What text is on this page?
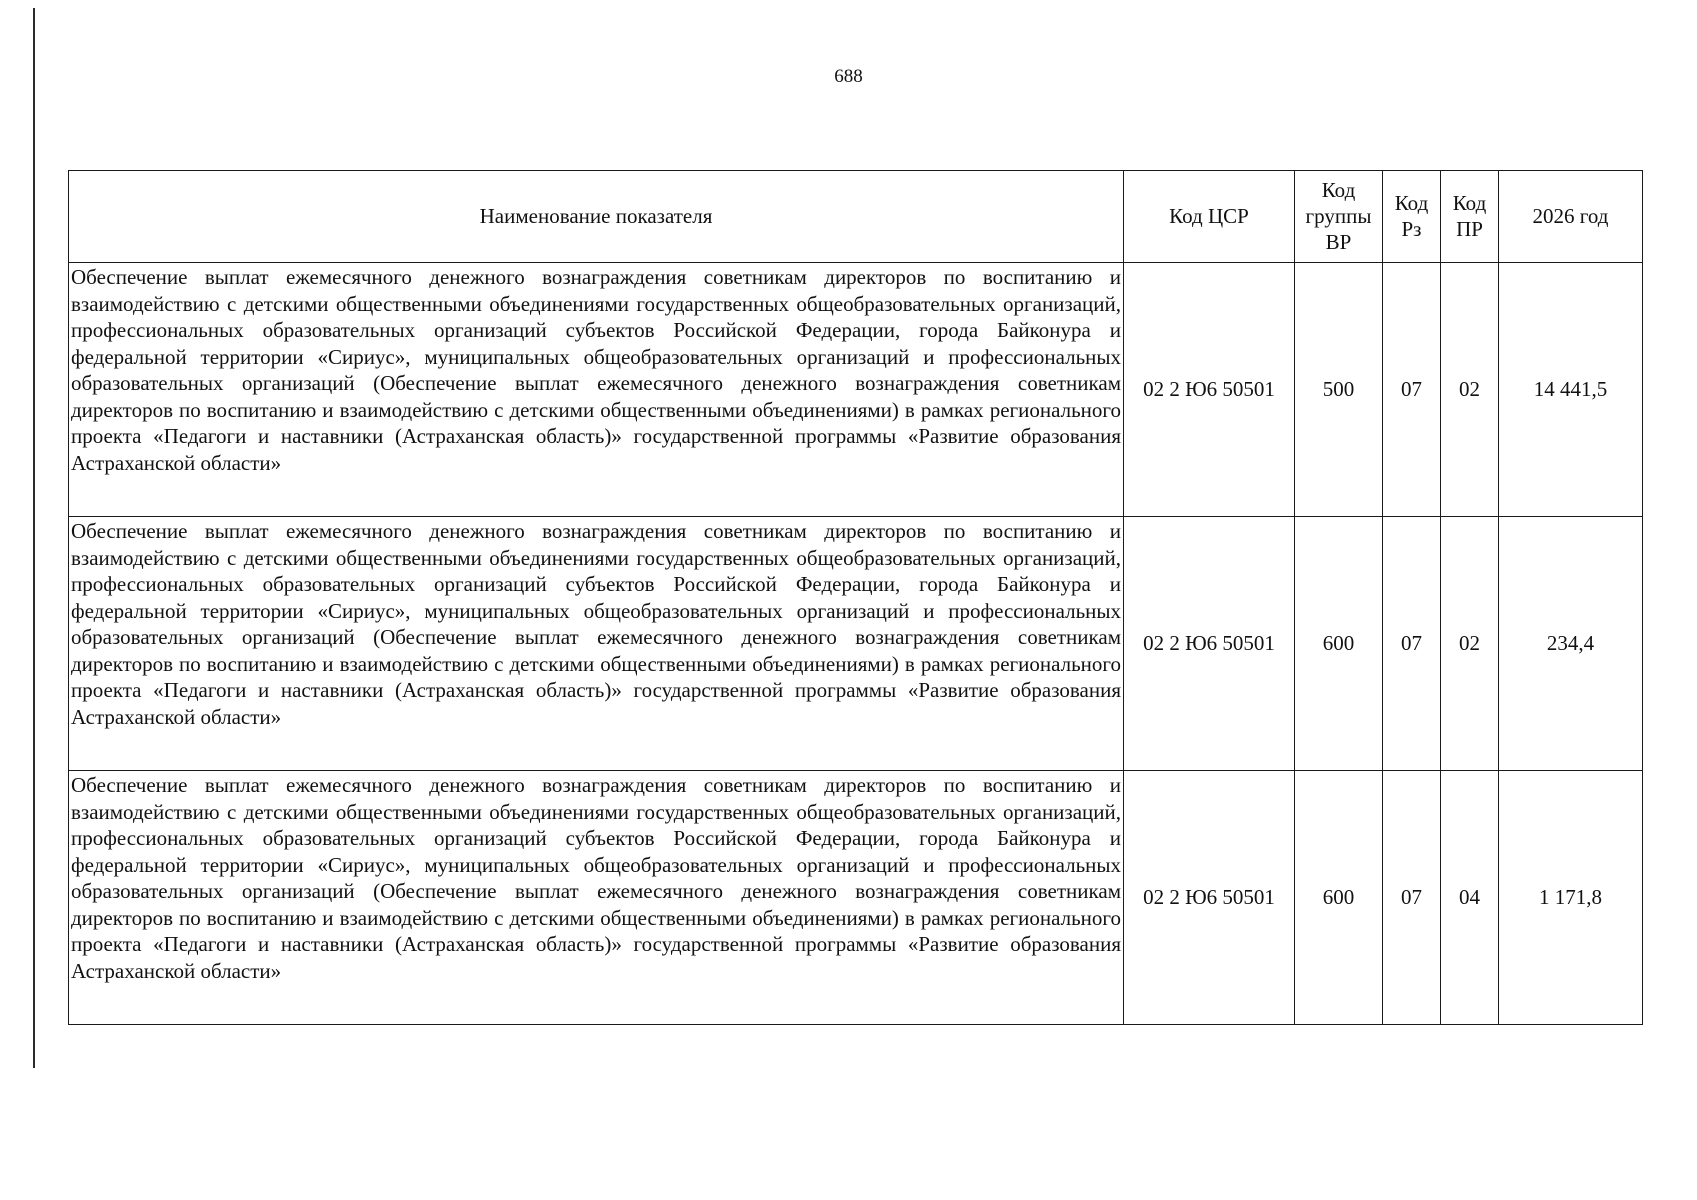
688
Наименование показателя	Код ЦСР	Код группы ВР	Код Рз	Код ПР	2026 год
Обеспечение выплат ежемесячного денежного вознаграждения советникам директоров по воспитанию и взаимодействию с детскими общественными объединениями государственных общеобразовательных организаций, профессиональных образовательных организаций субъектов Российской Федерации, города Байконура и федеральной территории «Сириус», муниципальных общеобразовательных организаций и профессиональных образовательных организаций (Обеспечение выплат ежемесячного денежного вознаграждения советникам директоров по воспитанию и взаимодействию с детскими общественными объединениями) в рамках регионального проекта «Педагоги и наставники (Астраханская область)» государственной программы «Развитие образования Астраханской области»	02 2 Ю6 50501	500	07	02	14 441,5
Обеспечение выплат ежемесячного денежного вознаграждения советникам директоров по воспитанию и взаимодействию с детскими общественными объединениями государственных общеобразовательных организаций, профессиональных образовательных организаций субъектов Российской Федерации, города Байконура и федеральной территории «Сириус», муниципальных общеобразовательных организаций и профессиональных образовательных организаций (Обеспечение выплат ежемесячного денежного вознаграждения советникам директоров по воспитанию и взаимодействию с детскими общественными объединениями) в рамках регионального проекта «Педагоги и наставники (Астраханская область)» государственной программы «Развитие образования Астраханской области»	02 2 Ю6 50501	600	07	02	234,4
Обеспечение выплат ежемесячного денежного вознаграждения советникам директоров по воспитанию и взаимодействию с детскими общественными объединениями государственных общеобразовательных организаций, профессиональных образовательных организаций субъектов Российской Федерации, города Байконура и федеральной территории «Сириус», муниципальных общеобразовательных организаций и профессиональных образовательных организаций (Обеспечение выплат ежемесячного денежного вознаграждения советникам директоров по воспитанию и взаимодействию с детскими общественными объединениями) в рамках регионального проекта «Педагоги и наставники (Астраханская область)» государственной программы «Развитие образования Астраханской области»	02 2 Ю6 50501	600	07	04	1 171,8
